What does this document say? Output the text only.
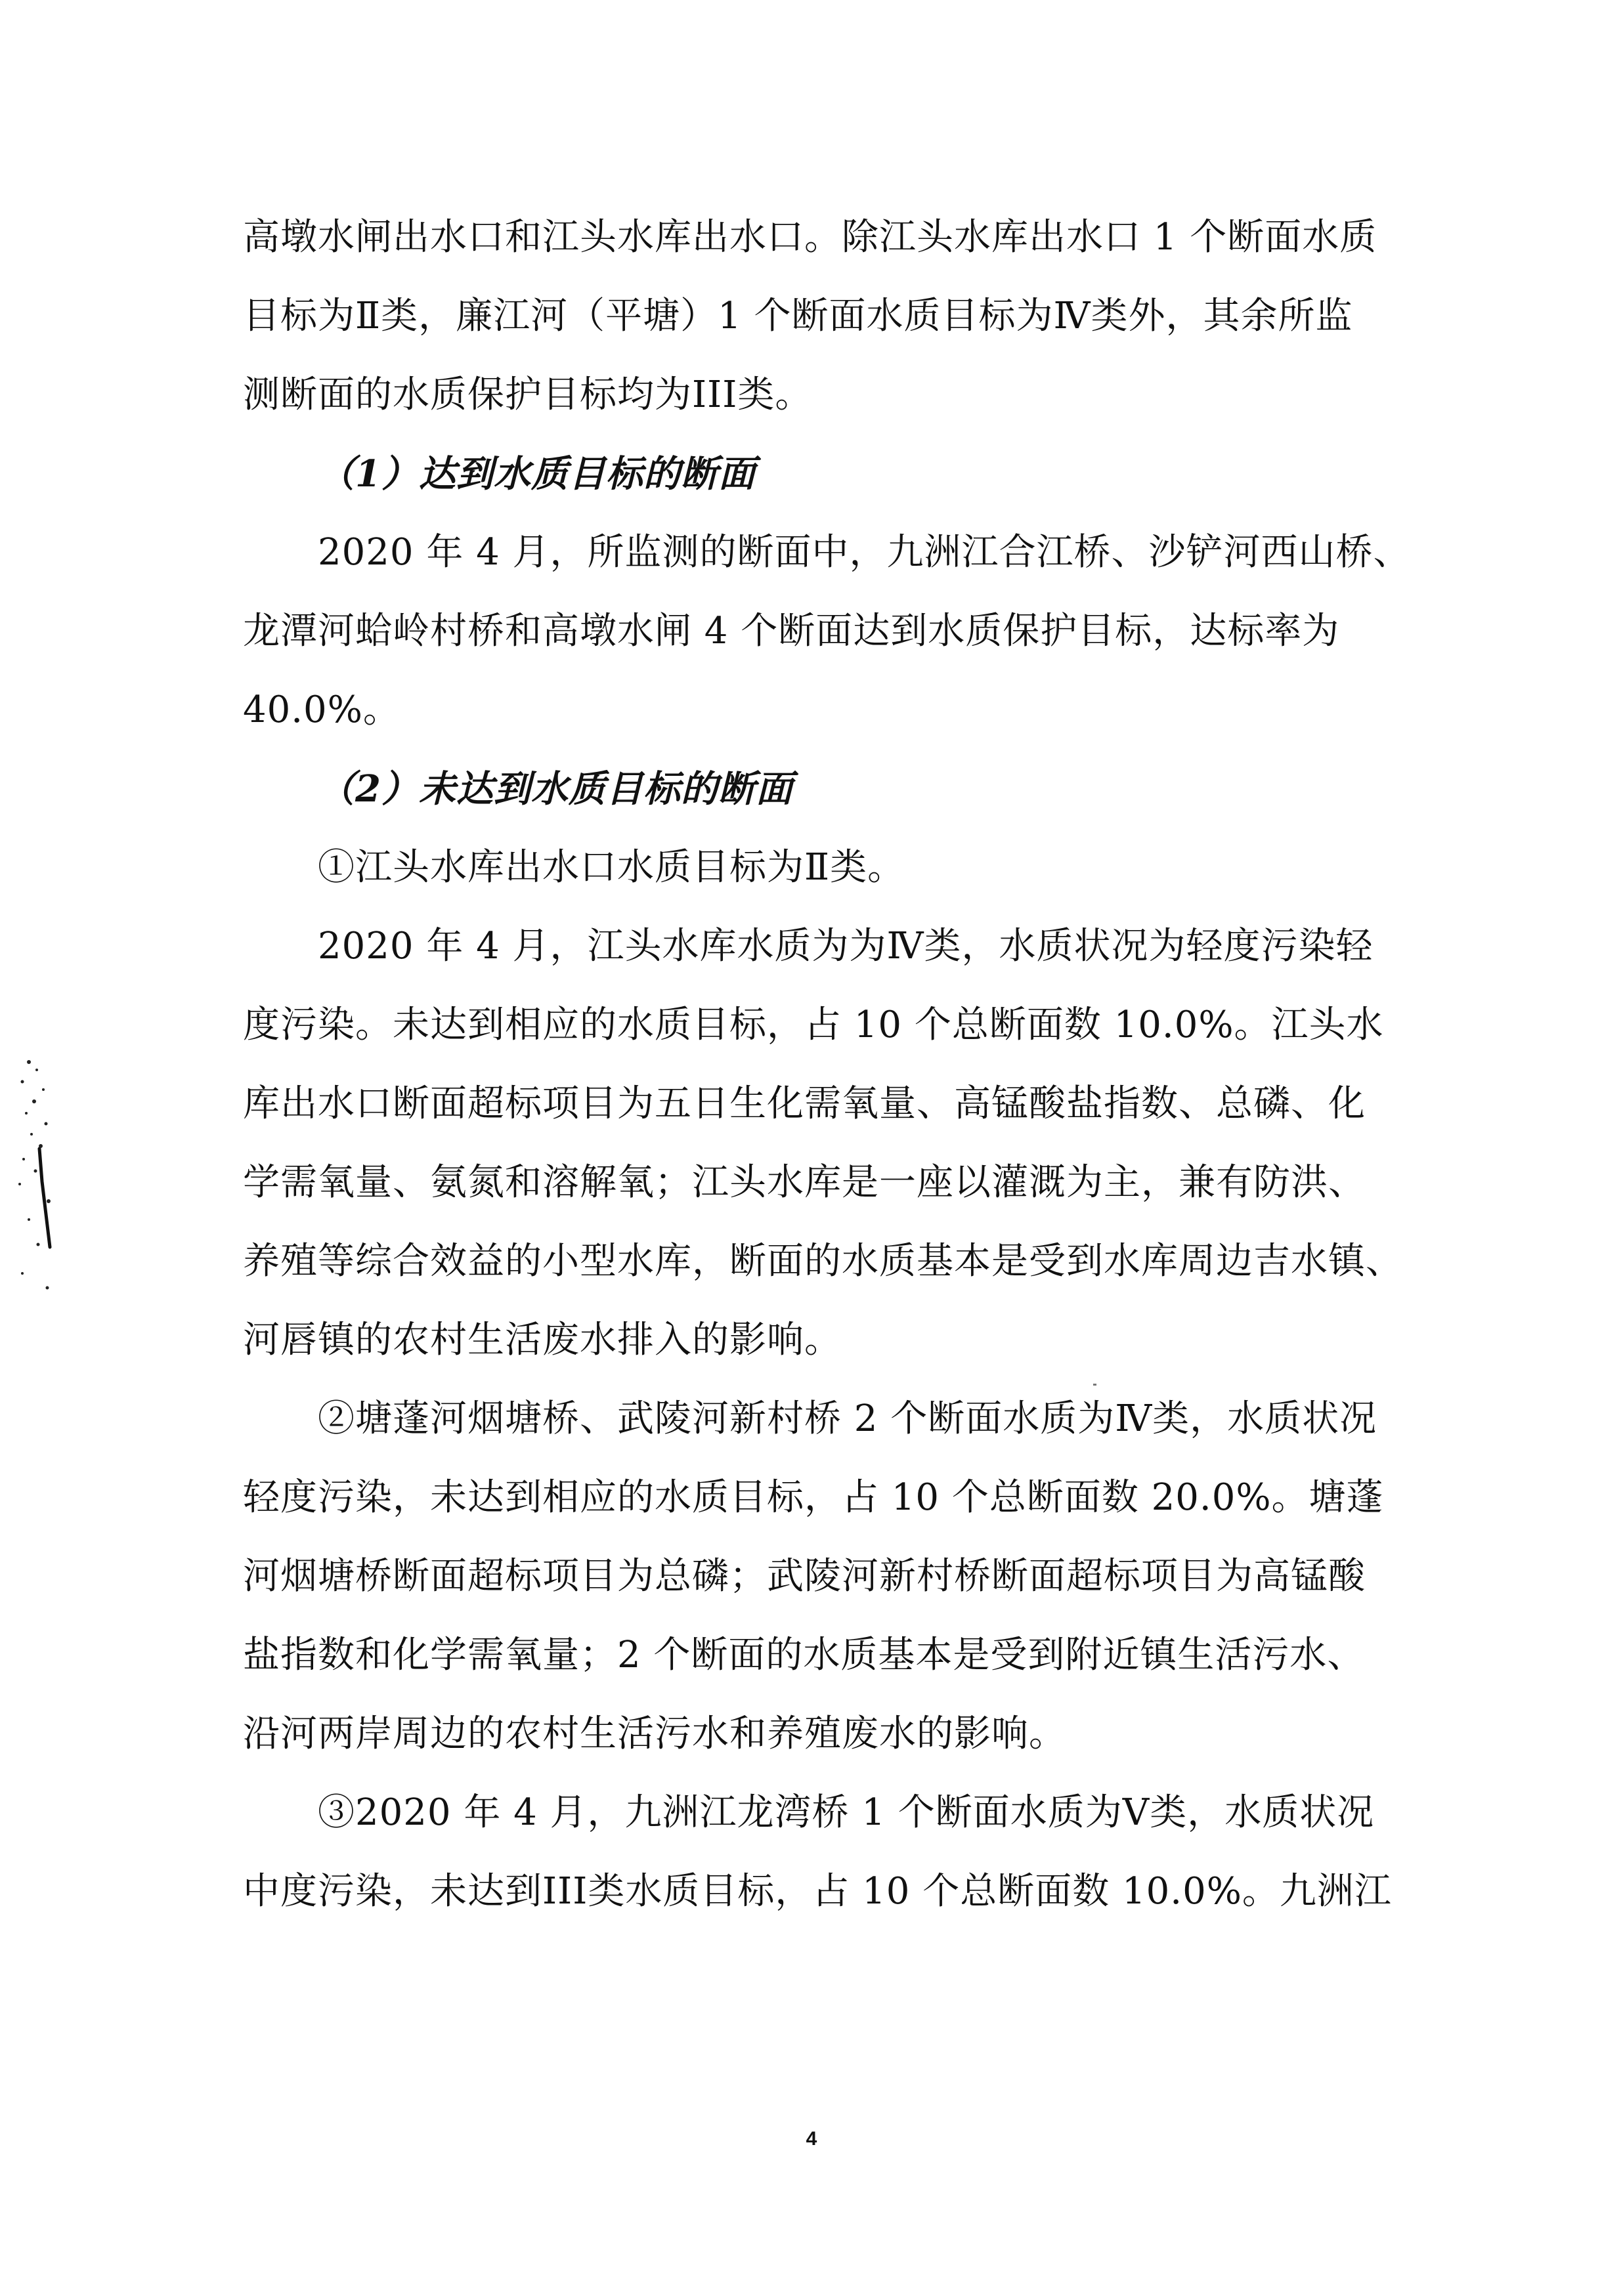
高墩水闸出水口和江头水库出水口。除江头水库出水口 1 个断面水质
目标为Ⅱ类，廉江河（平塘）1 个断面水质目标为Ⅳ类外，其余所监
测断面的水质保护目标均为III类。
（1）达到水质目标的断面
2020 年 4 月，所监测的断面中，九洲江合江桥、沙铲河西山桥、
龙潭河蛤岭村桥和高墩水闸 4 个断面达到水质保护目标，达标率为
40.0%。
（2）未达到水质目标的断面
①江头水库出水口水质目标为Ⅱ类。
2020 年 4 月，江头水库水质为为Ⅳ类，水质状况为轻度污染轻
度污染。未达到相应的水质目标，占 10 个总断面数 10.0%。江头水
库出水口断面超标项目为五日生化需氧量、高锰酸盐指数、总磷、化
学需氧量、氨氮和溶解氧；江头水库是一座以灌溉为主，兼有防洪、
养殖等综合效益的小型水库，断面的水质基本是受到水库周边吉水镇、
河唇镇的农村生活废水排入的影响。
②塘蓬河烟塘桥、武陵河新村桥 2 个断面水质为Ⅳ类，水质状况
轻度污染，未达到相应的水质目标，占 10 个总断面数 20.0%。塘蓬
河烟塘桥断面超标项目为总磷；武陵河新村桥断面超标项目为高锰酸
盐指数和化学需氧量；2 个断面的水质基本是受到附近镇生活污水、
沿河两岸周边的农村生活污水和养殖废水的影响。
③2020 年 4 月，九洲江龙湾桥 1 个断面水质为Ⅴ类，水质状况
中度污染，未达到III类水质目标，占 10 个总断面数 10.0%。九洲江
4
